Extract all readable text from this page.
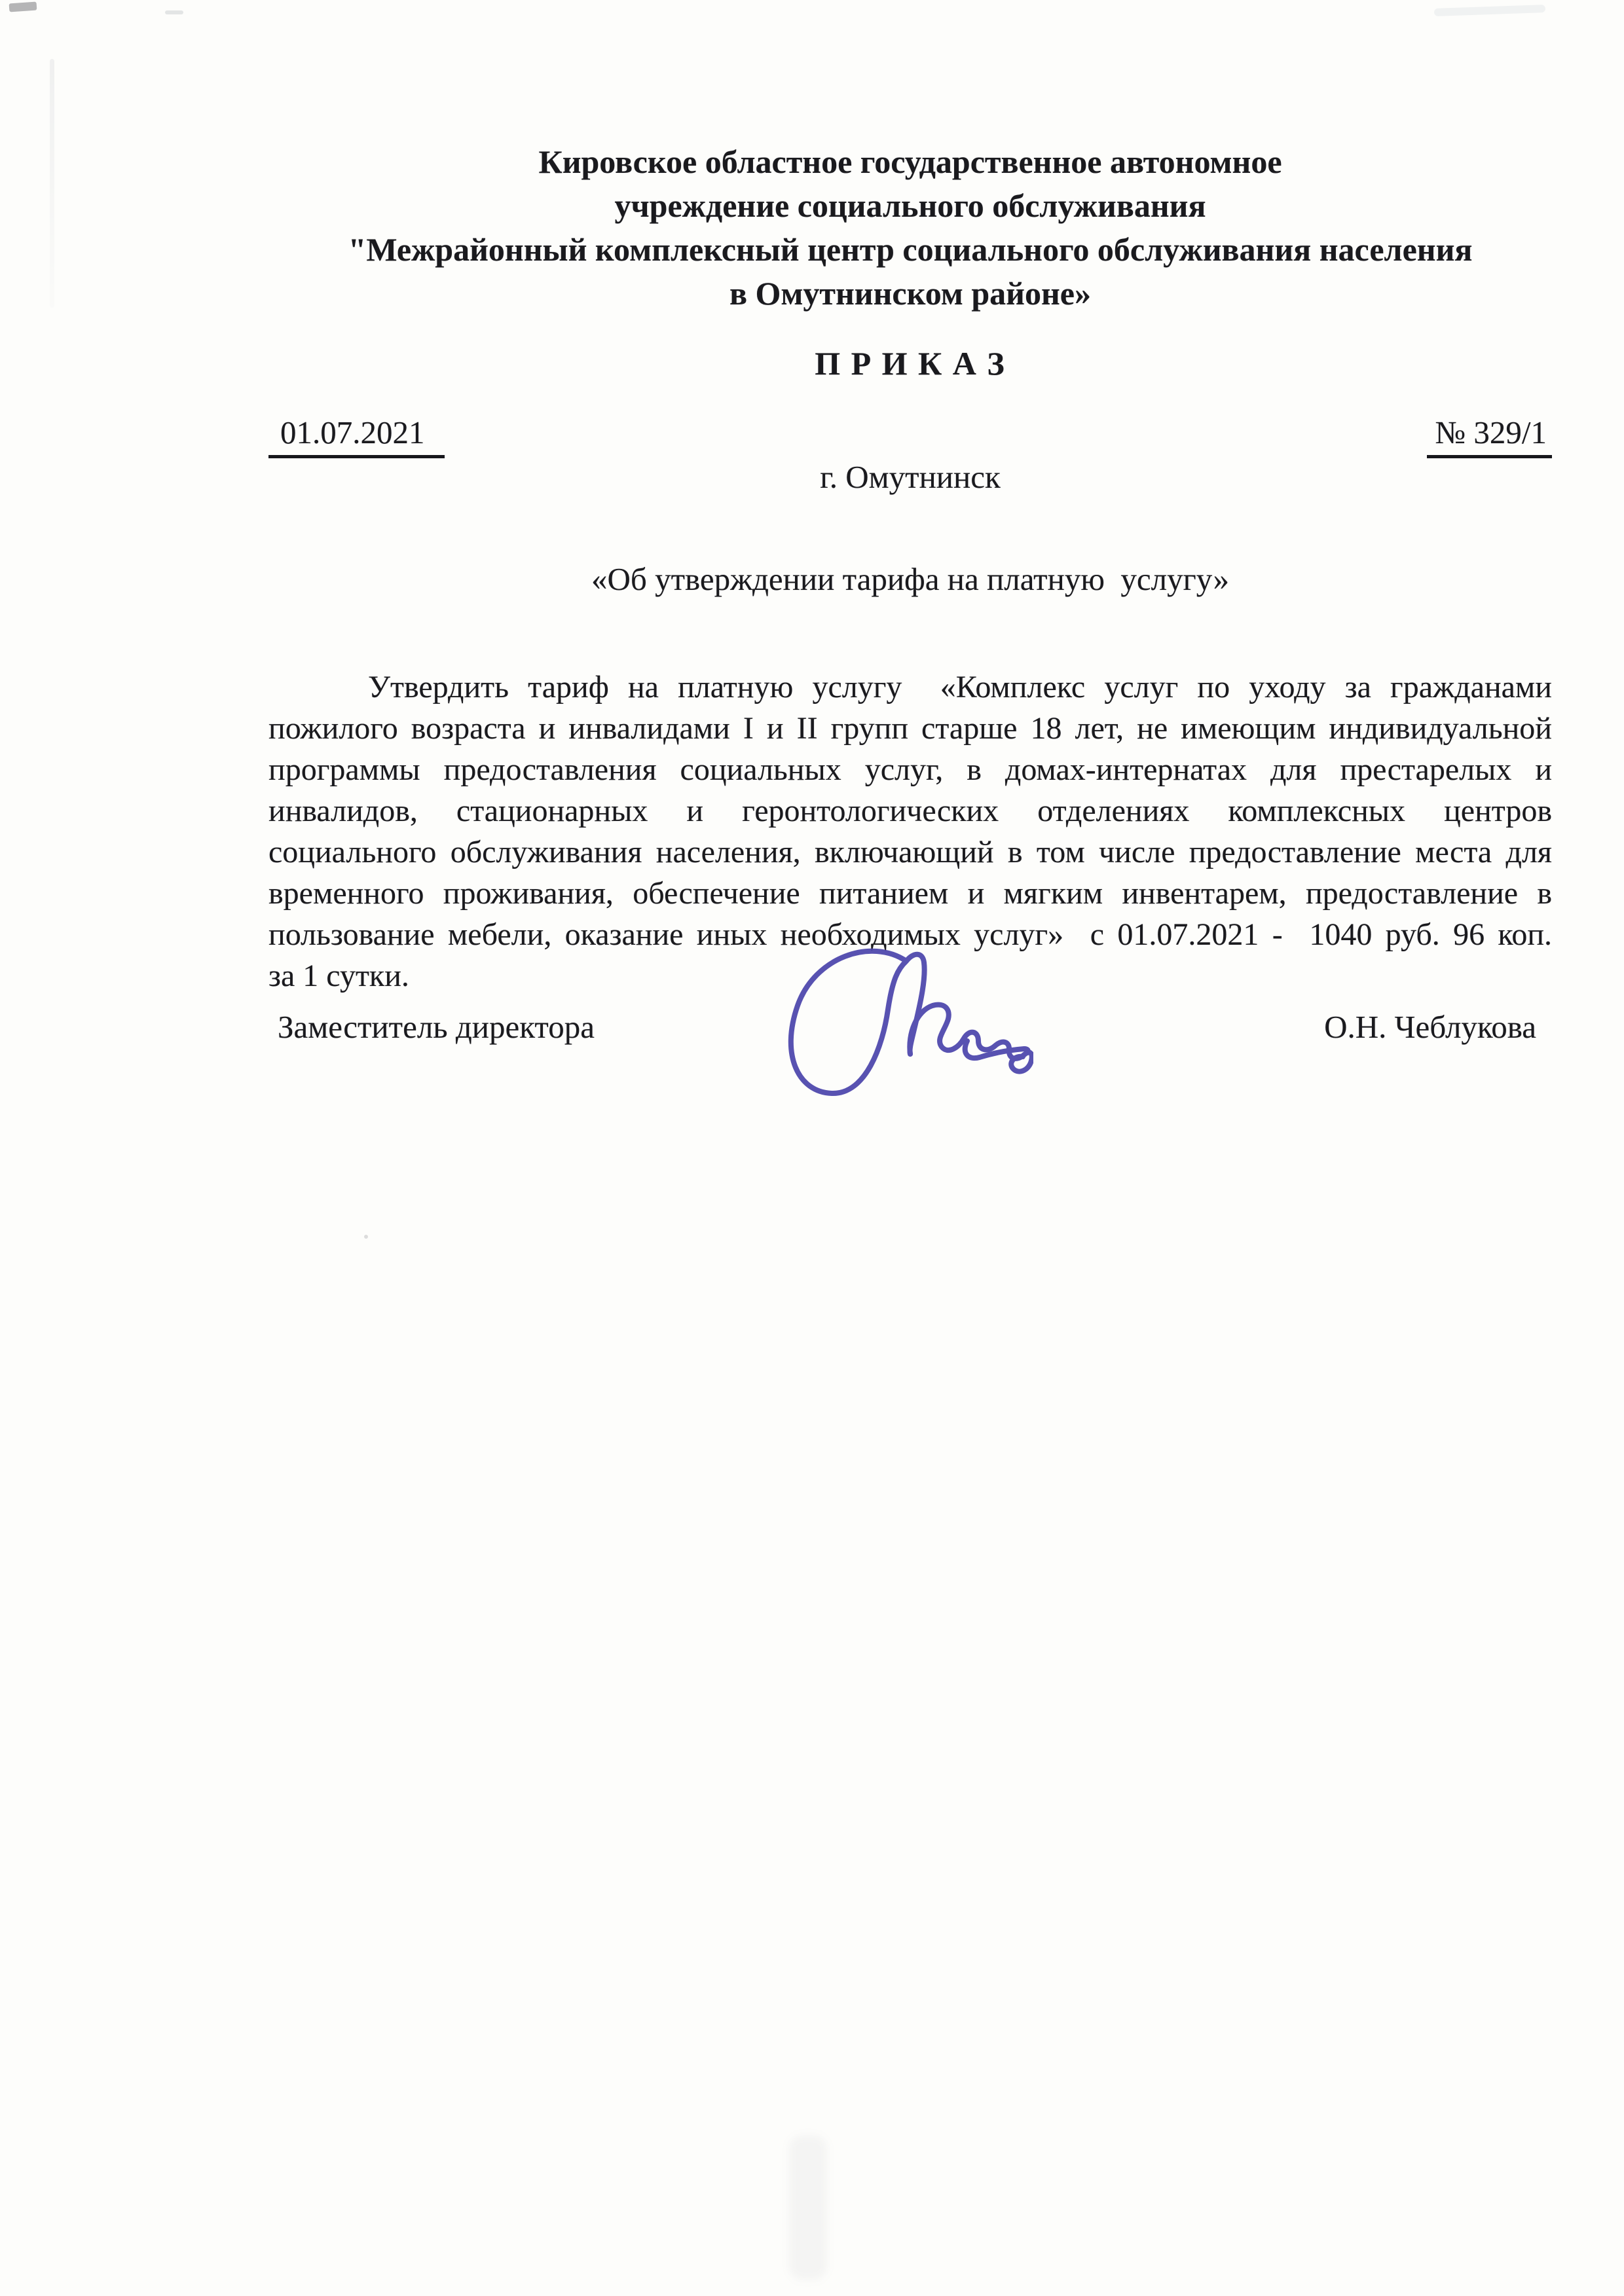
Кировское областное государственное автономное
учреждение социального обслуживания
"Межрайонный комплексный центр социального обслуживания населения
в Омутнинском районе»
П Р И К А З
01.07.2021	№ 329/1
г. Омутнинск
«Об утверждении тарифа на платную  услугу»
Утвердить тариф на платную услугу  «Комплекс услуг по уходу за гражданами
пожилого возраста и инвалидами I и II групп старше 18 лет, не имеющим индивидуальной
программы предоставления социальных услуг, в домах-интернатах для престарелых и
инвалидов, стационарных и геронтологических отделениях комплексных центров
социального обслуживания населения, включающий в том числе предоставление места для
временного проживания, обеспечение питанием и мягким инвентарем, предоставление в
пользование мебели, оказание иных необходимых услуг»  с 01.07.2021 -  1040 руб. 96 коп.
за 1 сутки.
Заместитель директора	О.Н. Чеблукова
